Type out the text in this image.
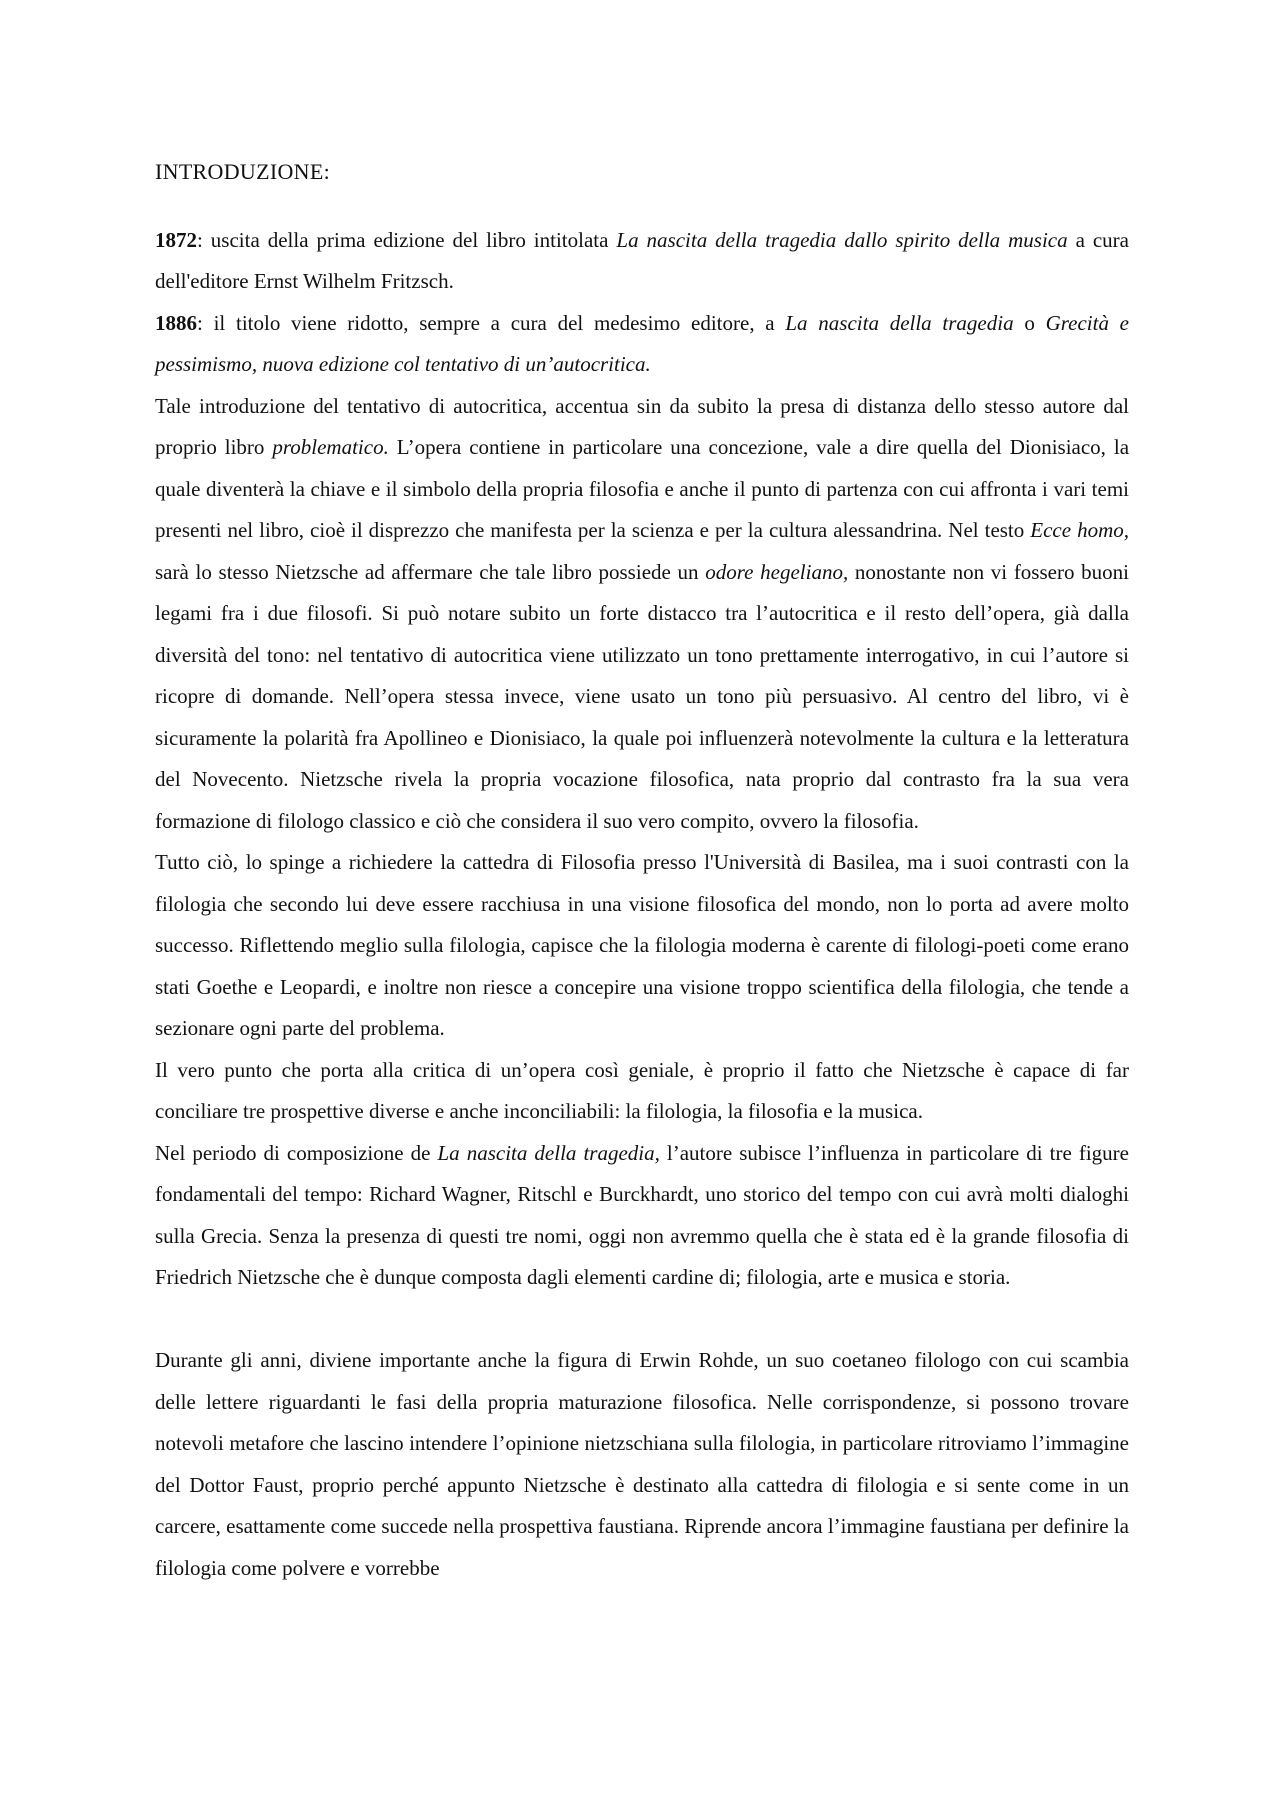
INTRODUZIONE:

1872: uscita della prima edizione del libro intitolata La nascita della tragedia dallo spirito della musica a cura dell'editore Ernst Wilhelm Fritzsch.

1886: il titolo viene ridotto, sempre a cura del medesimo editore, a La nascita della tragedia o Grecità e pessimismo, nuova edizione col tentativo di un’autocritica.

Tale introduzione del tentativo di autocritica, accentua sin da subito la presa di distanza dello stesso autore dal proprio libro problematico. L’opera contiene in particolare una concezione, vale a dire quella del Dionisiaco, la quale diventerà la chiave e il simbolo della propria filosofia e anche il punto di partenza con cui affronta i vari temi presenti nel libro, cioè il disprezzo che manifesta per la scienza e per la cultura alessandrina. Nel testo Ecce homo, sarà lo stesso Nietzsche ad affermare che tale libro possiede un odore hegeliano, nonostante non vi fossero buoni legami fra i due filosofi. Si può notare subito un forte distacco tra l’autocritica e il resto dell’opera, già dalla diversità del tono: nel tentativo di autocritica viene utilizzato un tono prettamente interrogativo, in cui l’autore si ricopre di domande. Nell’opera stessa invece, viene usato un tono più persuasivo. Al centro del libro, vi è sicuramente la polarità fra Apollineo e Dionisiaco, la quale poi influenzerà notevolmente la cultura e la letteratura del Novecento. Nietzsche rivela la propria vocazione filosofica, nata proprio dal contrasto fra la sua vera formazione di filologo classico e ciò che considera il suo vero compito, ovvero la filosofia.

Tutto ciò, lo spinge a richiedere la cattedra di Filosofia presso l'Università di Basilea, ma i suoi contrasti con la filologia che secondo lui deve essere racchiusa in una visione filosofica del mondo, non lo porta ad avere molto successo. Riflettendo meglio sulla filologia, capisce che la filologia moderna è carente di filologi-poeti come erano stati Goethe e Leopardi, e inoltre non riesce a concepire una visione troppo scientifica della filologia, che tende a sezionare ogni parte del problema.

Il vero punto che porta alla critica di un’opera così geniale, è proprio il fatto che Nietzsche è capace di far conciliare tre prospettive diverse e anche inconciliabili: la filologia, la filosofia e la musica.

Nel periodo di composizione de La nascita della tragedia, l’autore subisce l’influenza in particolare di tre figure fondamentali del tempo: Richard Wagner, Ritschl e Burckhardt, uno storico del tempo con cui avrà molti dialoghi sulla Grecia. Senza la presenza di questi tre nomi, oggi non avremmo quella che è stata ed è la grande filosofia di Friedrich Nietzsche che è dunque composta dagli elementi cardine di; filologia, arte e musica e storia.

Durante gli anni, diviene importante anche la figura di Erwin Rohde, un suo coetaneo filologo con cui scambia delle lettere riguardanti le fasi della propria maturazione filosofica. Nelle corrispondenze, si possono trovare notevoli metafore che lascino intendere l’opinione nietzschiana sulla filologia, in particolare ritroviamo l’immagine del Dottor Faust, proprio perché appunto Nietzsche è destinato alla cattedra di filologia e si sente come in un carcere, esattamente come succede nella prospettiva faustiana. Riprende ancora l’immagine faustiana per definire la filologia come polvere e vorrebbe
